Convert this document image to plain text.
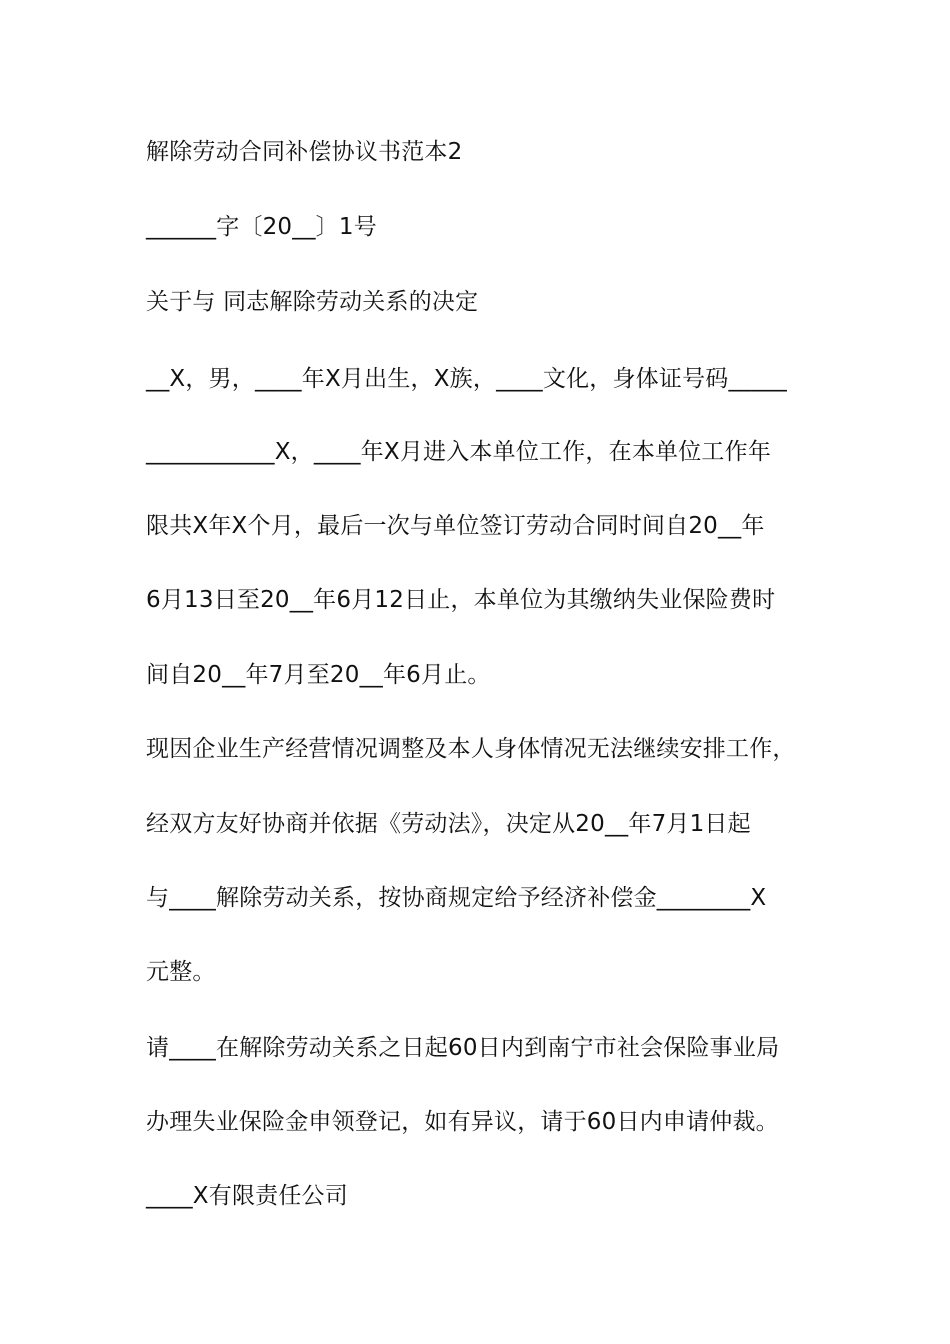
解除劳动合同补偿协议书范本2
______字〔20__〕1号
关于与 同志解除劳动关系的决定
__X，男，____年X月出生，X族，____文化，身体证号码_____
___________X，____年X月进入本单位工作，在本单位工作年
限共X年X个月，最后一次与单位签订劳动合同时间自20__年
6月13日至20__年6月12日止，本单位为其缴纳失业保险费时
间自20__年7月至20__年6月止。
现因企业生产经营情况调整及本人身体情况无法继续安排工作，
经双方友好协商并依据《劳动法》，决定从20__年7月1日起
与____解除劳动关系，按协商规定给予经济补偿金________X
元整。
请____在解除劳动关系之日起60日内到南宁市社会保险事业局
办理失业保险金申领登记，如有异议，请于60日内申请仲裁。
____X有限责任公司
